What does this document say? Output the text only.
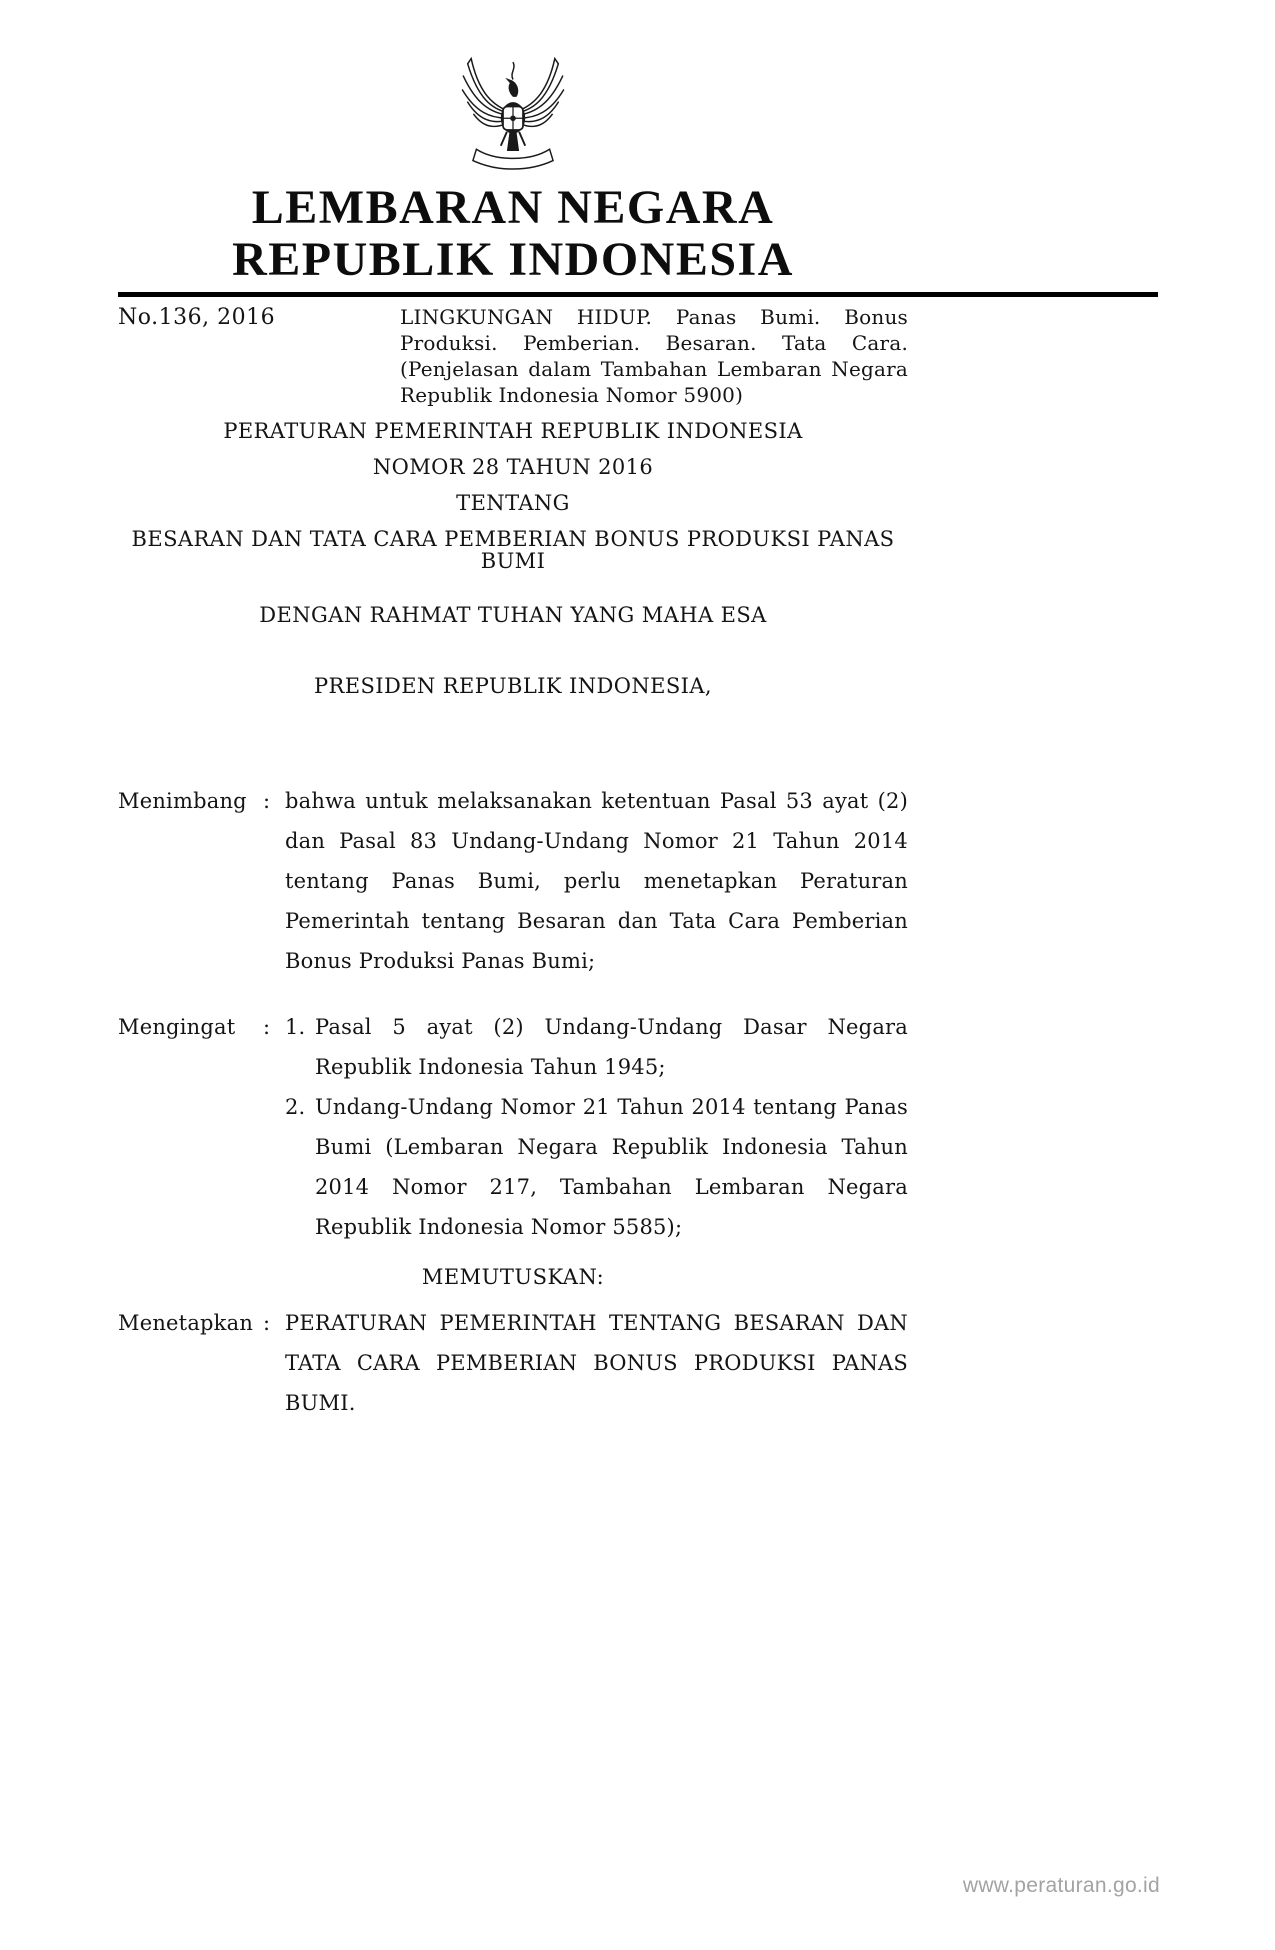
LEMBARAN NEGARA
REPUBLIK INDONESIA
No.136, 2016	LINGKUNGAN HIDUP. Panas Bumi. Bonus Produksi. Pemberian. Besaran. Tata Cara. (Penjelasan dalam Tambahan Lembaran Negara Republik Indonesia Nomor 5900)

PERATURAN PEMERINTAH REPUBLIK INDONESIA

NOMOR 28 TAHUN 2016

TENTANG

BESARAN DAN TATA CARA PEMBERIAN BONUS PRODUKSI PANAS BUMI

DENGAN RAHMAT TUHAN YANG MAHA ESA

PRESIDEN REPUBLIK INDONESIA,

Menimbang : bahwa untuk melaksanakan ketentuan Pasal 53 ayat (2) dan Pasal 83 Undang-Undang Nomor 21 Tahun 2014 tentang Panas Bumi, perlu menetapkan Peraturan Pemerintah tentang Besaran dan Tata Cara Pemberian Bonus Produksi Panas Bumi;
Mengingat	: 1. Pasal 5 ayat (2) Undang-Undang Dasar Negara Republik Indonesia Tahun 1945;
2. Undang-Undang Nomor 21 Tahun 2014 tentang Panas Bumi (Lembaran Negara Republik Indonesia Tahun 2014 Nomor 217, Tambahan Lembaran Negara Republik Indonesia Nomor 5585);

MEMUTUSKAN:

Menetapkan : PERATURAN PEMERINTAH TENTANG BESARAN DAN TATA CARA PEMBERIAN BONUS PRODUKSI PANAS BUMI.
www.peraturan.go.id
